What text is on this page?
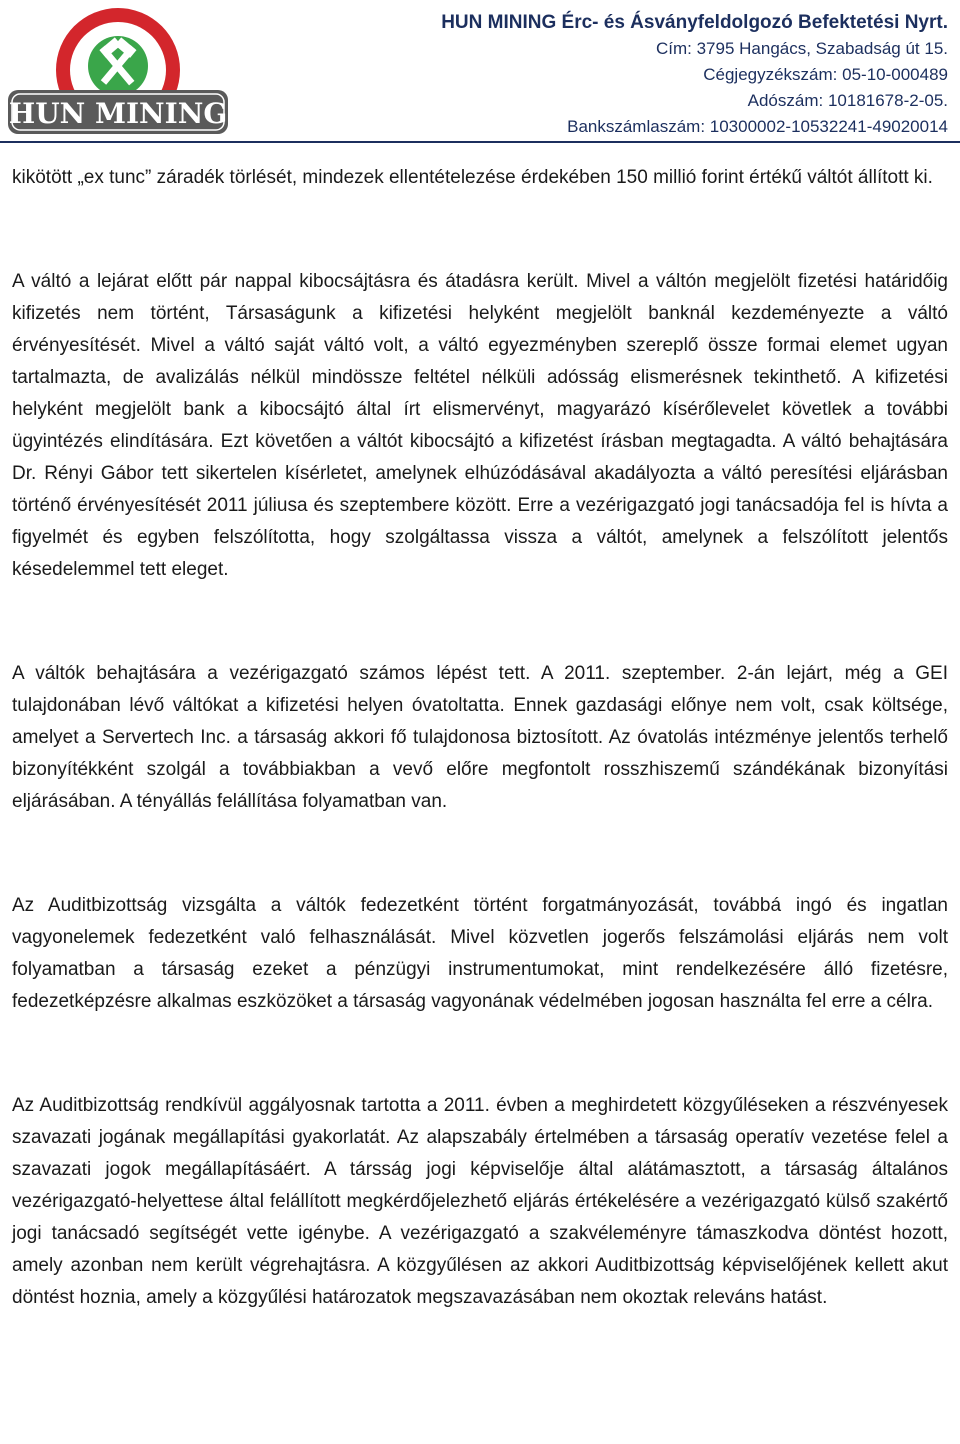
HUN MINING
HUN MINING Érc- és Ásványfeldolgozó Befektetési Nyrt.
Cím: 3795 Hangács, Szabadság út 15.
Cégjegyzékszám: 05-10-000489
Adószám: 10181678-2-05.
Bankszámlaszám: 10300002-10532241-49020014

kikötött „ex tunc” záradék törlését, mindezek ellentételezése érdekében 150 millió forint értékű váltót állított ki.

A váltó a lejárat előtt pár nappal kibocsájtásra és átadásra került. Mivel a váltón megjelölt fizetési határidőig kifizetés nem történt, Társaságunk a kifizetési helyként megjelölt banknál kezdeményezte a váltó érvényesítését. Mivel a váltó saját váltó volt, a váltó egyezményben szereplő össze formai elemet ugyan tartalmazta, de avalizálás nélkül mindössze feltétel nélküli adósság elismerésnek tekinthető. A kifizetési helyként megjelölt bank a kibocsájtó által írt elismervényt, magyarázó kísérőlevelet követlek a további ügyintézés elindítására. Ezt követően a váltót kibocsájtó a kifizetést írásban megtagadta. A váltó behajtására Dr. Rényi Gábor tett sikertelen kísérletet, amelynek elhúzódásával akadályozta a váltó peresítési eljárásban történő érvényesítését 2011 júliusa és szeptembere között. Erre a vezérigazgató jogi tanácsadója fel is hívta a figyelmét és egyben felszólította, hogy szolgáltassa vissza a váltót, amelynek a felszólított jelentős késedelemmel tett eleget.

A váltók behajtására a vezérigazgató számos lépést tett. A 2011. szeptember. 2-án lejárt, még a GEI tulajdonában lévő váltókat a kifizetési helyen óvatoltatta. Ennek gazdasági előnye nem volt, csak költsége, amelyet a Servertech Inc. a társaság akkori fő tulajdonosa biztosított. Az óvatolás intézménye jelentős terhelő bizonyítékként szolgál a továbbiakban a vevő előre megfontolt rosszhiszemű szándékának bizonyítási eljárásában. A tényállás felállítása folyamatban van.

Az Auditbizottság vizsgálta a váltók fedezetként történt forgatmányozását, továbbá ingó és ingatlan vagyonelemek fedezetként való felhasználását. Mivel közvetlen jogerős felszámolási eljárás nem volt folyamatban a társaság ezeket a pénzügyi instrumentumokat, mint rendelkezésére álló fizetésre, fedezetképzésre alkalmas eszközöket a társaság vagyonának védelmében jogosan használta fel erre a célra.

Az Auditbizottság rendkívül aggályosnak tartotta a 2011. évben a meghirdetett közgyűléseken a részvényesek szavazati jogának megállapítási gyakorlatát. Az alapszabály értelmében a társaság operatív vezetése felel a szavazati jogok megállapításáért. A társság jogi képviselője által alátámasztott, a társaság általános vezérigazgató-helyettese által felállított megkérdőjelezhető eljárás értékelésére a vezérigazgató külső szakértő jogi tanácsadó segítségét vette igénybe. A vezérigazgató a szakvéleményre támaszkodva döntést hozott, amely azonban nem került végrehajtásra. A közgyűlésen az akkori Auditbizottság képviselőjének kellett akut döntést hoznia, amely a közgyűlési határozatok megszavazásában nem okoztak releváns hatást.
